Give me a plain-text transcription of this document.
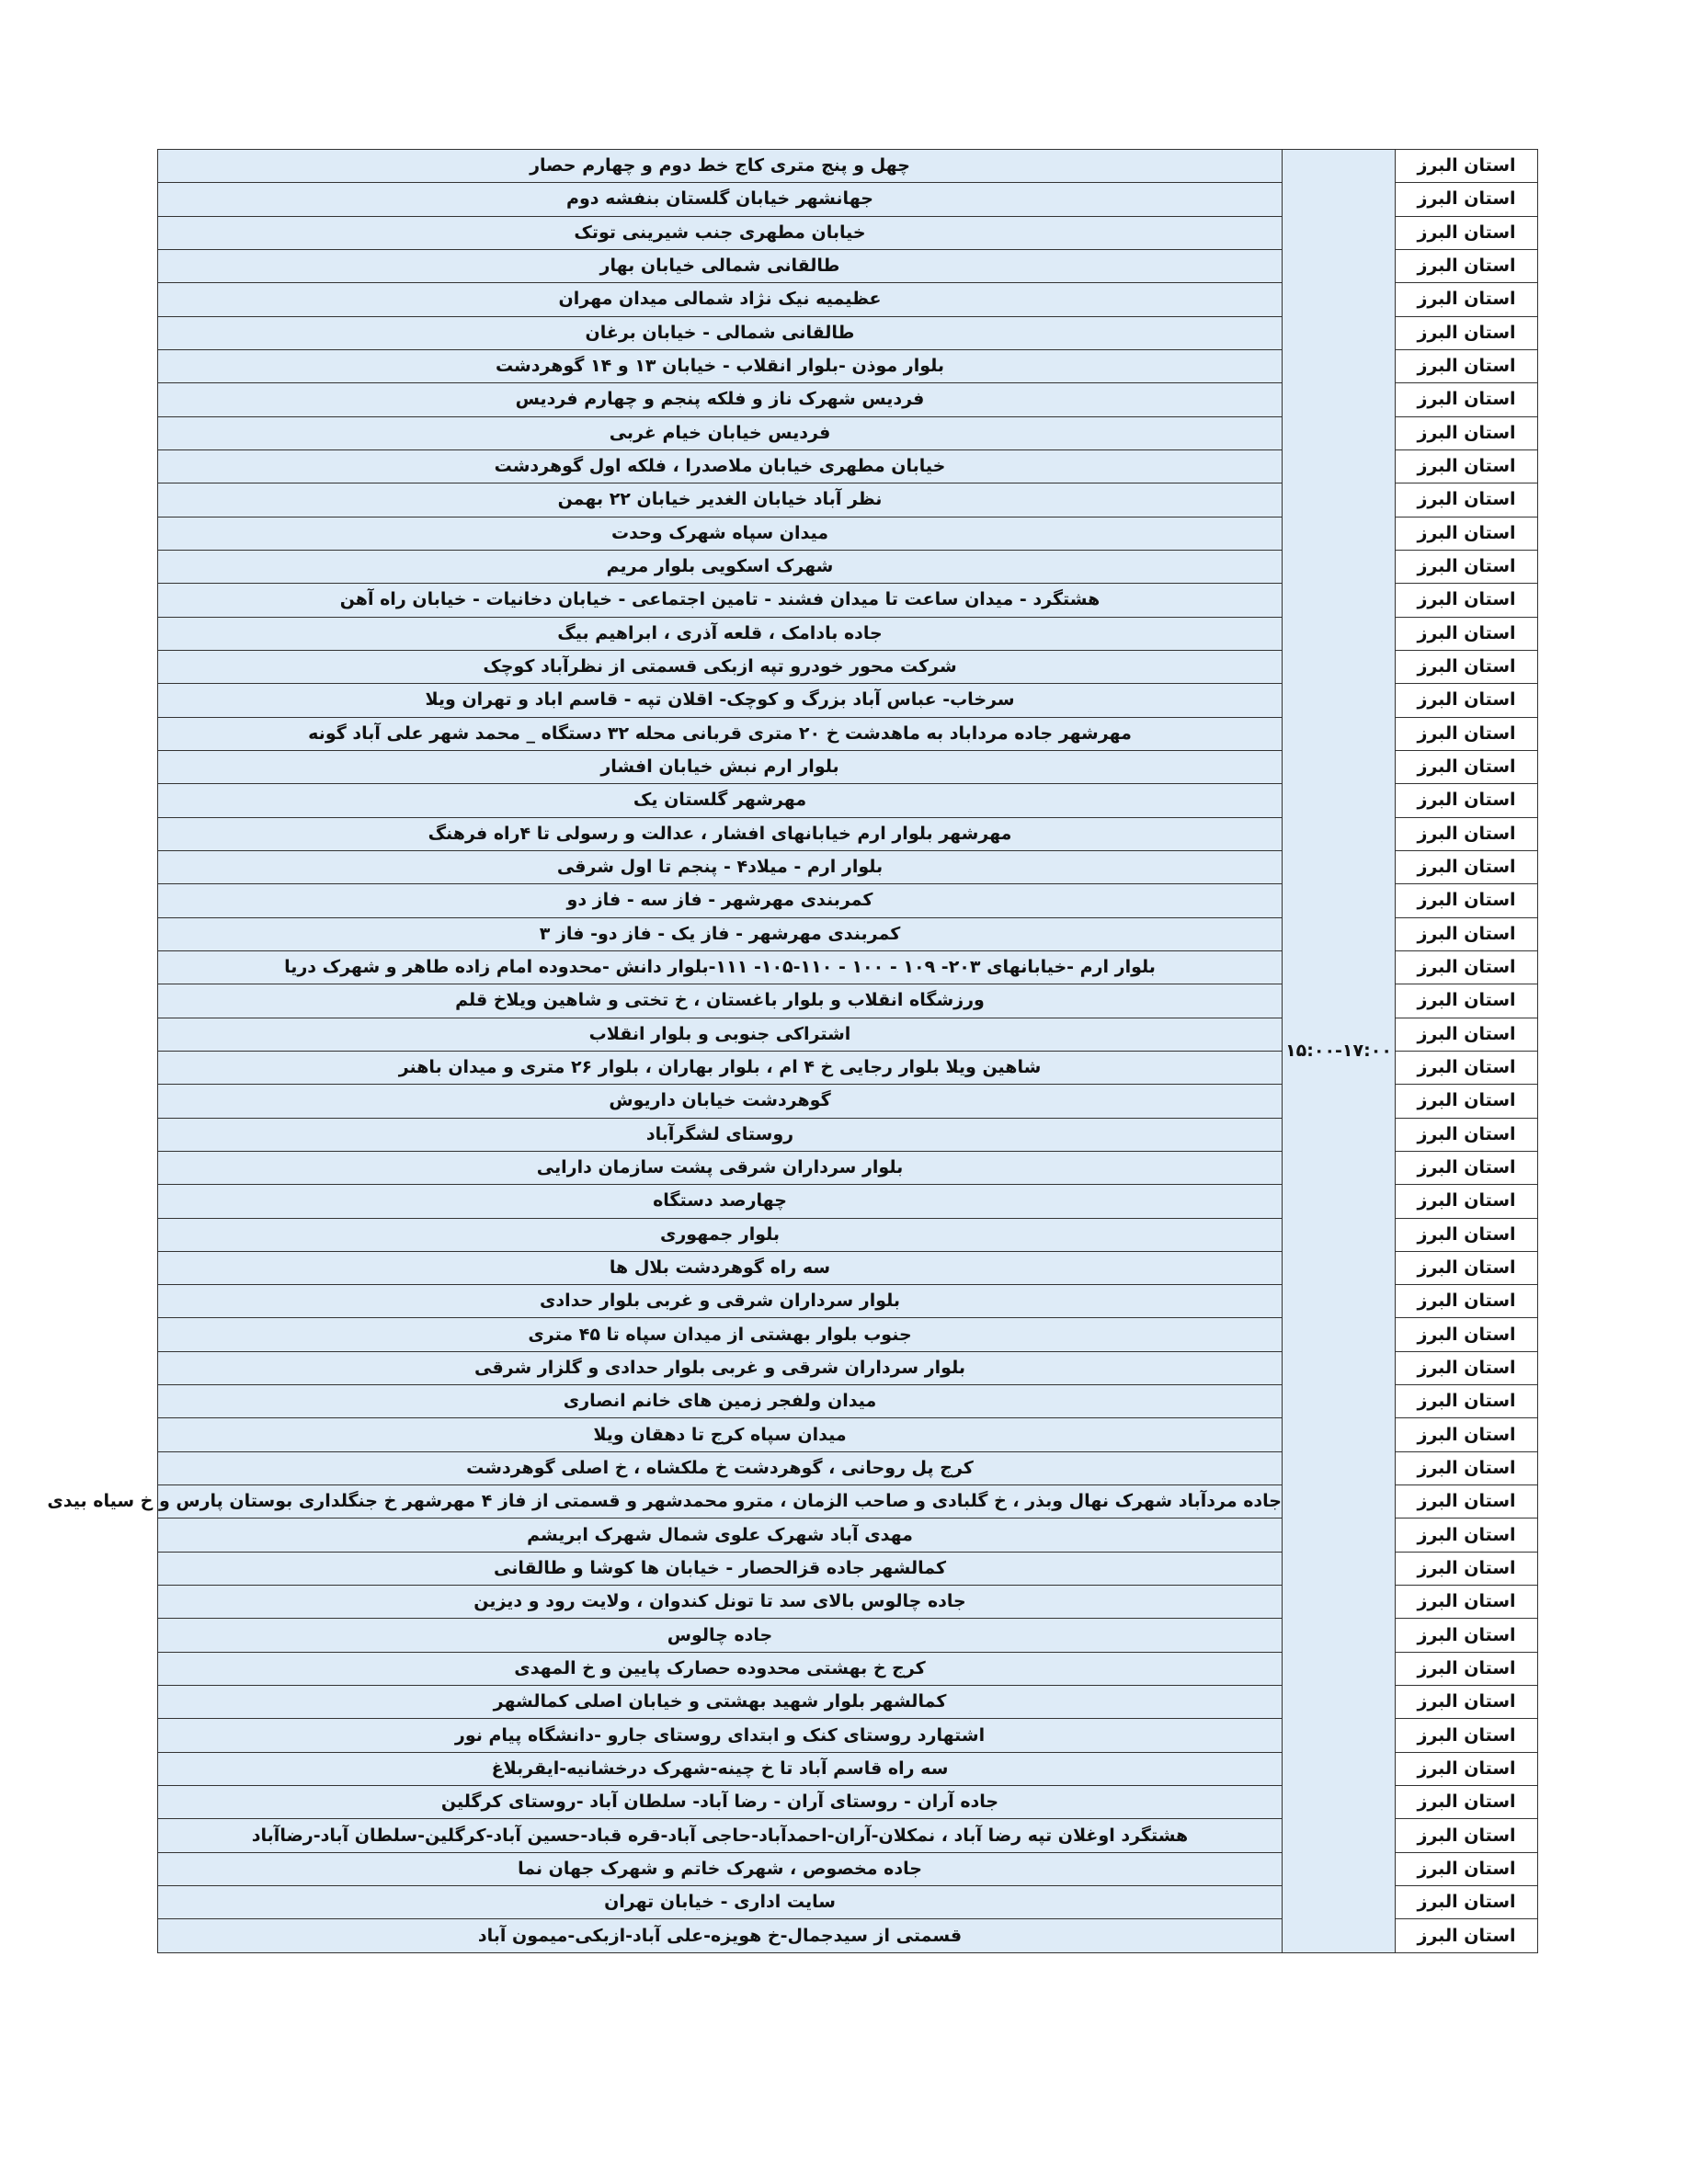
استان البرز	۱۵:۰۰-۱۷:۰۰	چهل و پنج متری کاج خط دوم و چهارم حصار
استان البرز		جهانشهر خیابان گلستان بنفشه دوم
استان البرز		خیابان مطهری جنب شیرینی توتک
استان البرز		طالقانی شمالی خیابان بهار
استان البرز		عظیمیه نیک نژاد شمالی میدان مهران
استان البرز		طالقانی شمالی - خیابان برغان
استان البرز		بلوار موذن -بلوار انقلاب - خیابان ۱۳ و ۱۴ گوهردشت
استان البرز		فردیس شهرک ناز و فلکه پنجم و چهارم فردیس
استان البرز		فردیس خیابان خیام غربی
استان البرز		خیابان مطهری خیابان ملاصدرا ، فلکه اول گوهردشت
استان البرز		نظر آباد خیابان الغدیر خیابان ۲۲ بهمن
استان البرز		میدان سپاه شهرک وحدت
استان البرز		شهرک اسکویی بلوار مریم
استان البرز		هشتگرد - میدان ساعت تا میدان فشند - تامین اجتماعی - خیابان دخانیات - خیابان راه آهن
استان البرز		جاده بادامک ، قلعه آذری ، ابراهیم بیگ
استان البرز		شرکت محور خودرو تپه ازبکی قسمتی از نظرآباد کوچک
استان البرز		سرخاب- عباس آباد بزرگ و کوچک- اقلان تپه - قاسم اباد و تهران ویلا
استان البرز		مهرشهر جاده مرداباد به ماهدشت خ ۲۰ متری قربانی محله ۳۲ دستگاه _ محمد شهر علی آباد گونه
استان البرز		بلوار ارم نبش خیابان افشار
استان البرز		مهرشهر گلستان یک
استان البرز		مهرشهر بلوار ارم خیابانهای افشار ، عدالت و رسولی تا ۴راه فرهنگ
استان البرز		بلوار ارم - میلاد۴ - پنجم تا اول شرقی
استان البرز		کمربندی مهرشهر - فاز سه - فاز دو
استان البرز		کمربندی مهرشهر - فاز یک - فاز دو- فاز ۳
استان البرز		بلوار ارم -خیابانهای ۲۰۳- ۱۰۹ - ۱۰۰ - ۱۱۰-۱۰۵- ۱۱۱-بلوار دانش -محدوده امام زاده طاهر و شهرک دریا
استان البرز		ورزشگاه انقلاب و بلوار باغستان ، خ تختی و شاهین ویلاخ قلم
استان البرز		اشتراکی جنوبی و بلوار انقلاب
استان البرز		شاهین ویلا بلوار رجایی خ ۴ ام ، بلوار بهاران ، بلوار ۲۶ متری و میدان باهنر
استان البرز		گوهردشت خیابان داریوش
استان البرز		روستای لشگرآباد
استان البرز		بلوار سرداران شرقی پشت سازمان دارایی
استان البرز		چهارصد دستگاه
استان البرز		بلوار جمهوری
استان البرز		سه راه گوهردشت بلال ها
استان البرز		بلوار سرداران شرقی و غربی بلوار حدادی
استان البرز		جنوب بلوار بهشتی از میدان سپاه تا ۴۵ متری
استان البرز		بلوار سرداران شرقی و غربی بلوار حدادی و گلزار شرقی
استان البرز		میدان ولفجر زمین های خانم انصاری
استان البرز		میدان سپاه کرج تا دهقان ویلا
استان البرز		کرج پل روحانی ، گوهردشت خ ملکشاه ، خ اصلی گوهردشت
استان البرز		جاده مردآباد شهرک نهال وبذر ، خ گلبادی و صاحب الزمان ، مترو محمدشهر و قسمتی از فاز ۴ مهرشهر خ جنگلداری بوستان پارس و خ سیاه بیدی
استان البرز		مهدی آباد شهرک علوی شمال شهرک ابریشم
استان البرز		کمالشهر جاده قزالحصار - خیابان ها کوشا و طالقانی
استان البرز		جاده چالوس بالای سد تا تونل کندوان ، ولایت رود و دیزین
استان البرز		جاده چالوس
استان البرز		کرج خ بهشتی محدوده حصارک پایین و خ المهدی
استان البرز		کمالشهر بلوار شهید بهشتی و خیابان اصلی کمالشهر
استان البرز		اشتهارد روستای کنک و ابتدای روستای جارو -دانشگاه پیام نور
استان البرز		سه راه قاسم آباد تا خ چینه-شهرک درخشانیه-ایقربلاغ
استان البرز		جاده آران - روستای آران - رضا آباد- سلطان آباد -روستای کرگلین
استان البرز		هشتگرد اوغلان تپه رضا آباد ، نمکلان-آران-احمدآباد-حاجی آباد-قره قباد-حسین آباد-کرگلین-سلطان آباد-رضاآباد
استان البرز		جاده مخصوص ، شهرک خاتم و شهرک جهان نما
استان البرز		سایت اداری - خیابان تهران
استان البرز		قسمتی از سیدجمال-خ هویزه-علی آباد-ازبکی-میمون آباد
